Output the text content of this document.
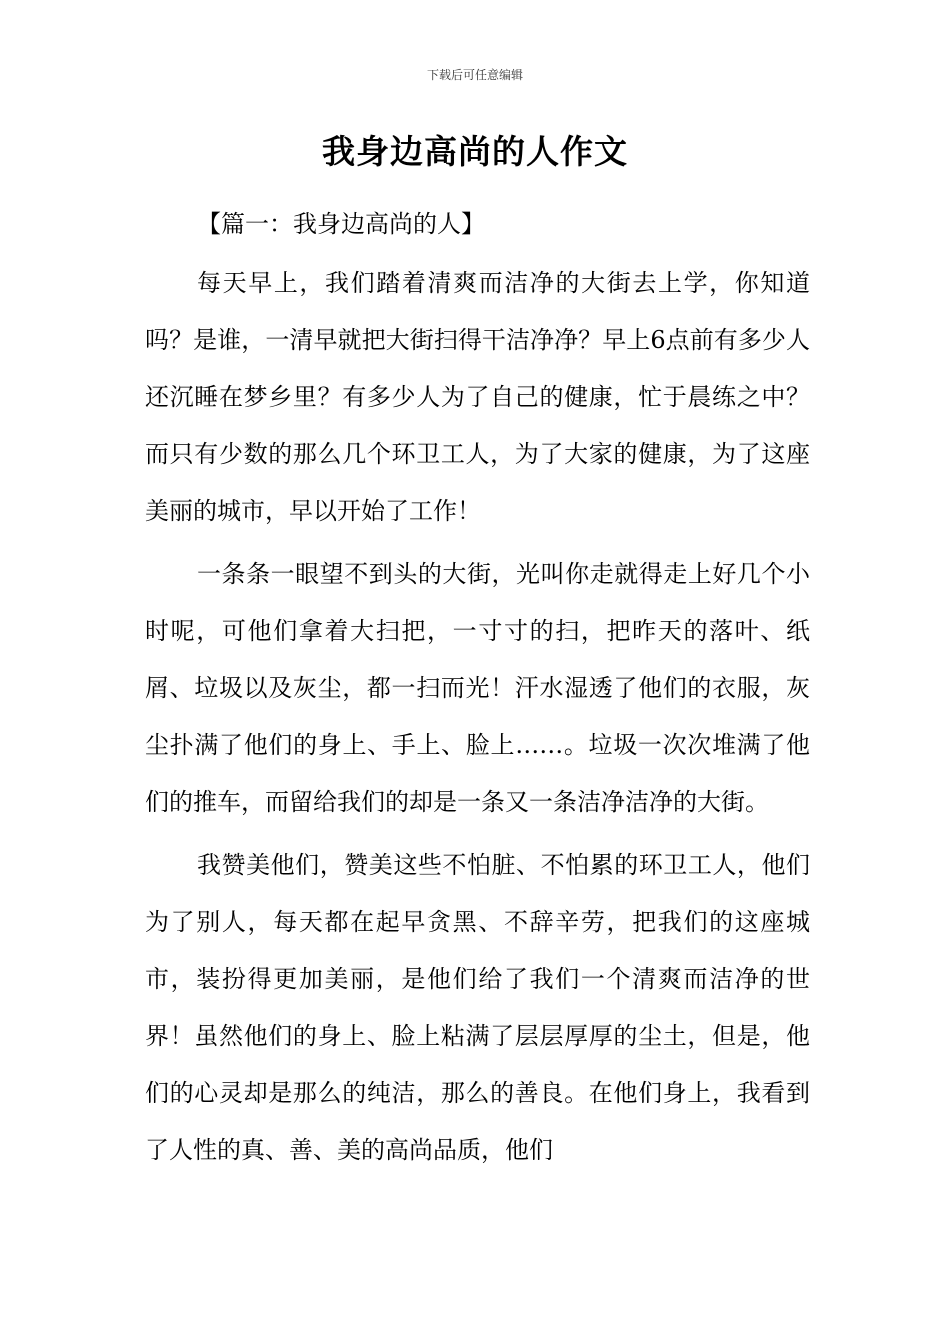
下载后可任意编辑
我身边高尚的人作文
【篇一：我身边高尚的人】

每天早上，我们踏着清爽而洁净的大街去上学，你知道吗？是谁，一清早就把大街扫得干洁净净？早上6点前有多少人还沉睡在梦乡里？有多少人为了自己的健康，忙于晨练之中？而只有少数的那么几个环卫工人，为了大家的健康，为了这座美丽的城市，早以开始了工作！

一条条一眼望不到头的大街，光叫你走就得走上好几个小时呢，可他们拿着大扫把，一寸寸的扫，把昨天的落叶、纸屑、垃圾以及灰尘，都一扫而光！汗水湿透了他们的衣服，灰尘扑满了他们的身上、手上、脸上……。垃圾一次次堆满了他们的推车，而留给我们的却是一条又一条洁净洁净的大街。

我赞美他们，赞美这些不怕脏、不怕累的环卫工人，他们为了别人，每天都在起早贪黑、不辞辛劳，把我们的这座城市，装扮得更加美丽，是他们给了我们一个清爽而洁净的世界！虽然他们的身上、脸上粘满了层层厚厚的尘土，但是，他们的心灵却是那么的纯洁，那么的善良。在他们身上，我看到了人性的真、善、美的高尚品质，他们
